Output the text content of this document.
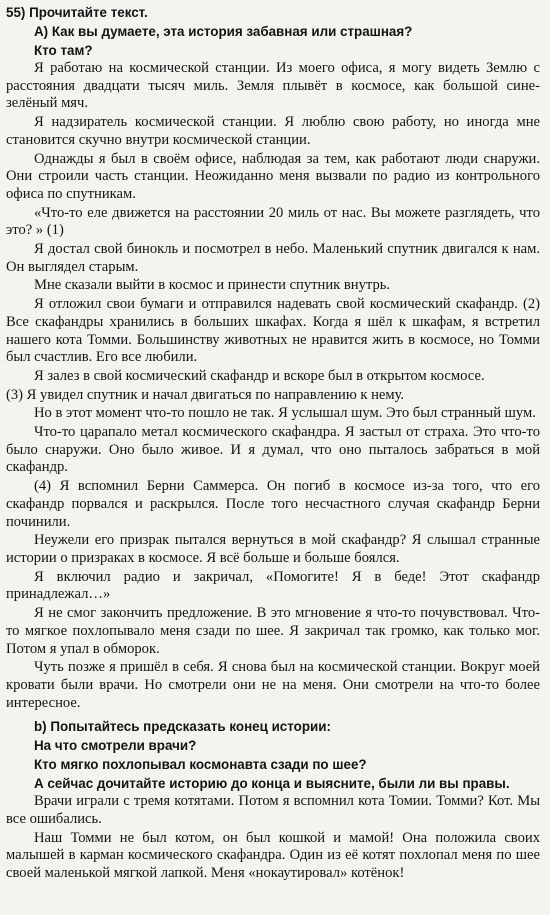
55) Прочитайте текст.
А) Как вы думаете, эта история забавная или страшная?
Кто там?

Я работаю на космической станции. Из моего офиса, я могу видеть Землю с расстояния двадцати тысяч миль. Земля плывёт в космосе, как большой сине-зелёный мяч.

Я надзиратель космической станции. Я люблю свою работу, но иногда мне становится скучно внутри космической станции.

Однажды я был в своём офисе, наблюдая за тем, как работают люди снаружи. Они строили часть станции. Неожиданно меня вызвали по радио из контрольного офиса по спутникам.

«Что-то еле движется на расстоянии 20 миль от нас. Вы можете разглядеть, что это? » (1)

Я достал свой бинокль и посмотрел в небо. Маленький спутник двигался к нам. Он выглядел старым.

Мне сказали выйти в космос и принести спутник внутрь.

Я отложил свои бумаги и отправился надевать свой космический скафандр. (2) Все скафандры хранились в больших шкафах. Когда я шёл к шкафам, я встретил нашего кота Томми. Большинству животных не нравится жить в космосе, но Томми был счастлив. Его все любили.

Я залез в свой космический скафандр и вскоре был в открытом космосе.

(3) Я увидел спутник и начал двигаться по направлению к нему.

Но в этот момент что-то пошло не так. Я услышал шум. Это был странный шум.

Что-то царапало метал космического скафандра. Я застыл от страха. Это что-то было снаружи. Оно было живое. И я думал, что оно пыталось забраться в мой скафандр.

(4) Я вспомнил Берни Саммерса. Он погиб в космосе из-за того, что его скафандр порвался и раскрылся. После того несчастного случая скафандр Берни починили.

Неужели его призрак пытался вернуться в мой скафандр? Я слышал странные истории о призраках в космосе. Я всё больше и больше боялся.

Я включил радио и закричал, «Помогите! Я в беде! Этот скафандр принадлежал…»

Я не смог закончить предложение. В это мгновение я что-то почувствовал. Что-то мягкое похлопывало меня сзади по шее. Я закричал так громко, как только мог. Потом я упал в обморок.

Чуть позже я пришёл в себя. Я снова был на космической станции. Вокруг моей кровати были врачи. Но смотрели они не на меня. Они смотрели на что-то более интересное.

b) Попытайтесь предсказать конец истории:
На что смотрели врачи?
Кто мягко похлопывал космонавта сзади по шее?
А сейчас дочитайте историю до конца и выясните, были ли вы правы.

Врачи играли с тремя котятами. Потом я вспомнил кота Томии. Томми? Кот. Мы все ошибались.

Наш Томми не был котом, он был кошкой и мамой! Она положила своих малышей в карман космического скафандра. Один из её котят похлопал меня по шее своей маленькой мягкой лапкой. Меня «нокаутировал» котёнок!
